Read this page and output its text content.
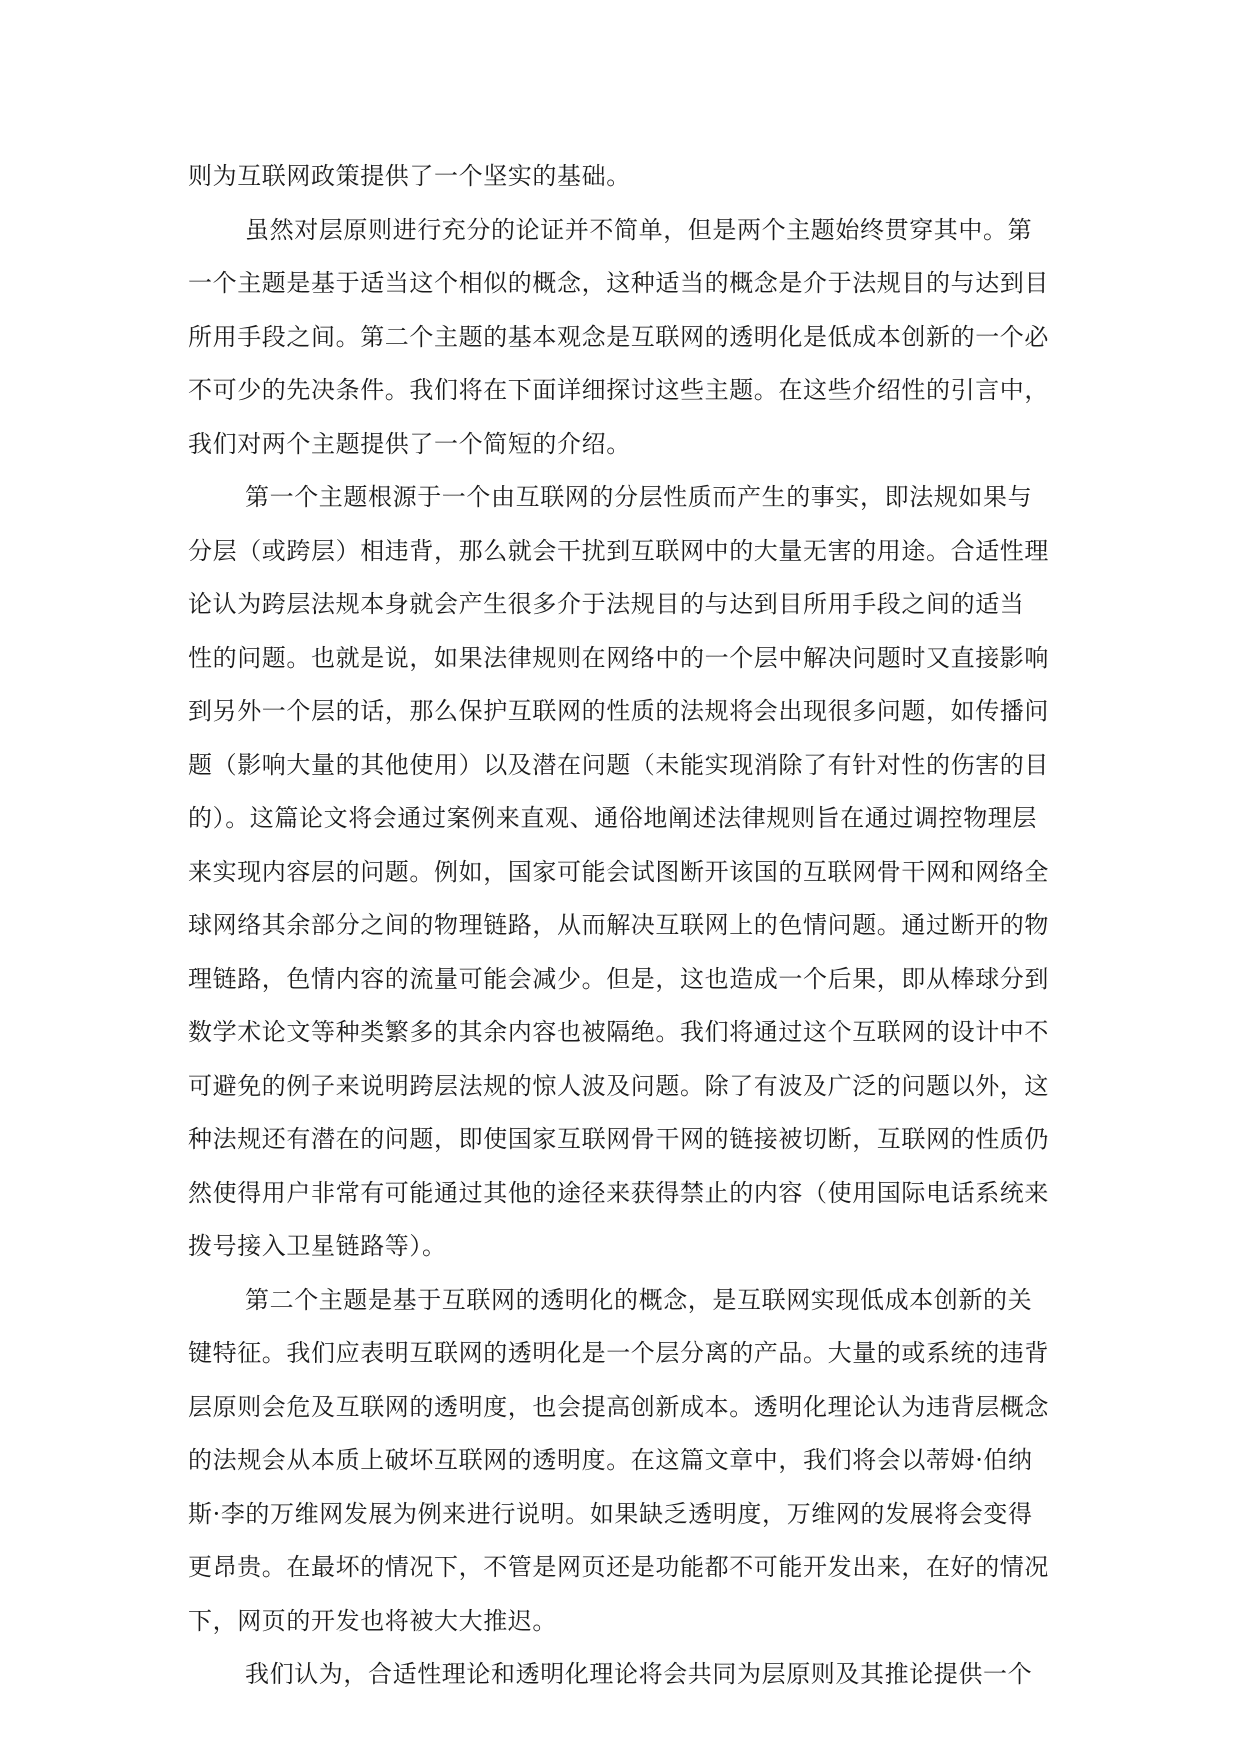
则为互联网政策提供了一个坚实的基础。
虽然对层原则进行充分的论证并不简单，但是两个主题始终贯穿其中。第
一个主题是基于适当这个相似的概念，这种适当的概念是介于法规目的与达到目
所用手段之间。第二个主题的基本观念是互联网的透明化是低成本创新的一个必
不可少的先决条件。我们将在下面详细探讨这些主题。在这些介绍性的引言中，
我们对两个主题提供了一个简短的介绍。
第一个主题根源于一个由互联网的分层性质而产生的事实，即法规如果与
分层（或跨层）相违背，那么就会干扰到互联网中的大量无害的用途。合适性理
论认为跨层法规本身就会产生很多介于法规目的与达到目所用手段之间的适当
性的问题。也就是说，如果法律规则在网络中的一个层中解决问题时又直接影响
到另外一个层的话，那么保护互联网的性质的法规将会出现很多问题，如传播问
题（影响大量的其他使用）以及潜在问题（未能实现消除了有针对性的伤害的目
的）。这篇论文将会通过案例来直观、通俗地阐述法律规则旨在通过调控物理层
来实现内容层的问题。例如，国家可能会试图断开该国的互联网骨干网和网络全
球网络其余部分之间的物理链路，从而解决互联网上的色情问题。通过断开的物
理链路，色情内容的流量可能会减少。但是，这也造成一个后果，即从棒球分到
数学术论文等种类繁多的其余内容也被隔绝。我们将通过这个互联网的设计中不
可避免的例子来说明跨层法规的惊人波及问题。除了有波及广泛的问题以外，这
种法规还有潜在的问题，即使国家互联网骨干网的链接被切断，互联网的性质仍
然使得用户非常有可能通过其他的途径来获得禁止的内容（使用国际电话系统来
拨号接入卫星链路等）。
第二个主题是基于互联网的透明化的概念，是互联网实现低成本创新的关
键特征。我们应表明互联网的透明化是一个层分离的产品。大量的或系统的违背
层原则会危及互联网的透明度，也会提高创新成本。透明化理论认为违背层概念
的法规会从本质上破坏互联网的透明度。在这篇文章中，我们将会以蒂姆·伯纳
斯·李的万维网发展为例来进行说明。如果缺乏透明度，万维网的发展将会变得
更昂贵。在最坏的情况下，不管是网页还是功能都不可能开发出来，在好的情况
下，网页的开发也将被大大推迟。
我们认为，合适性理论和透明化理论将会共同为层原则及其推论提供一个
